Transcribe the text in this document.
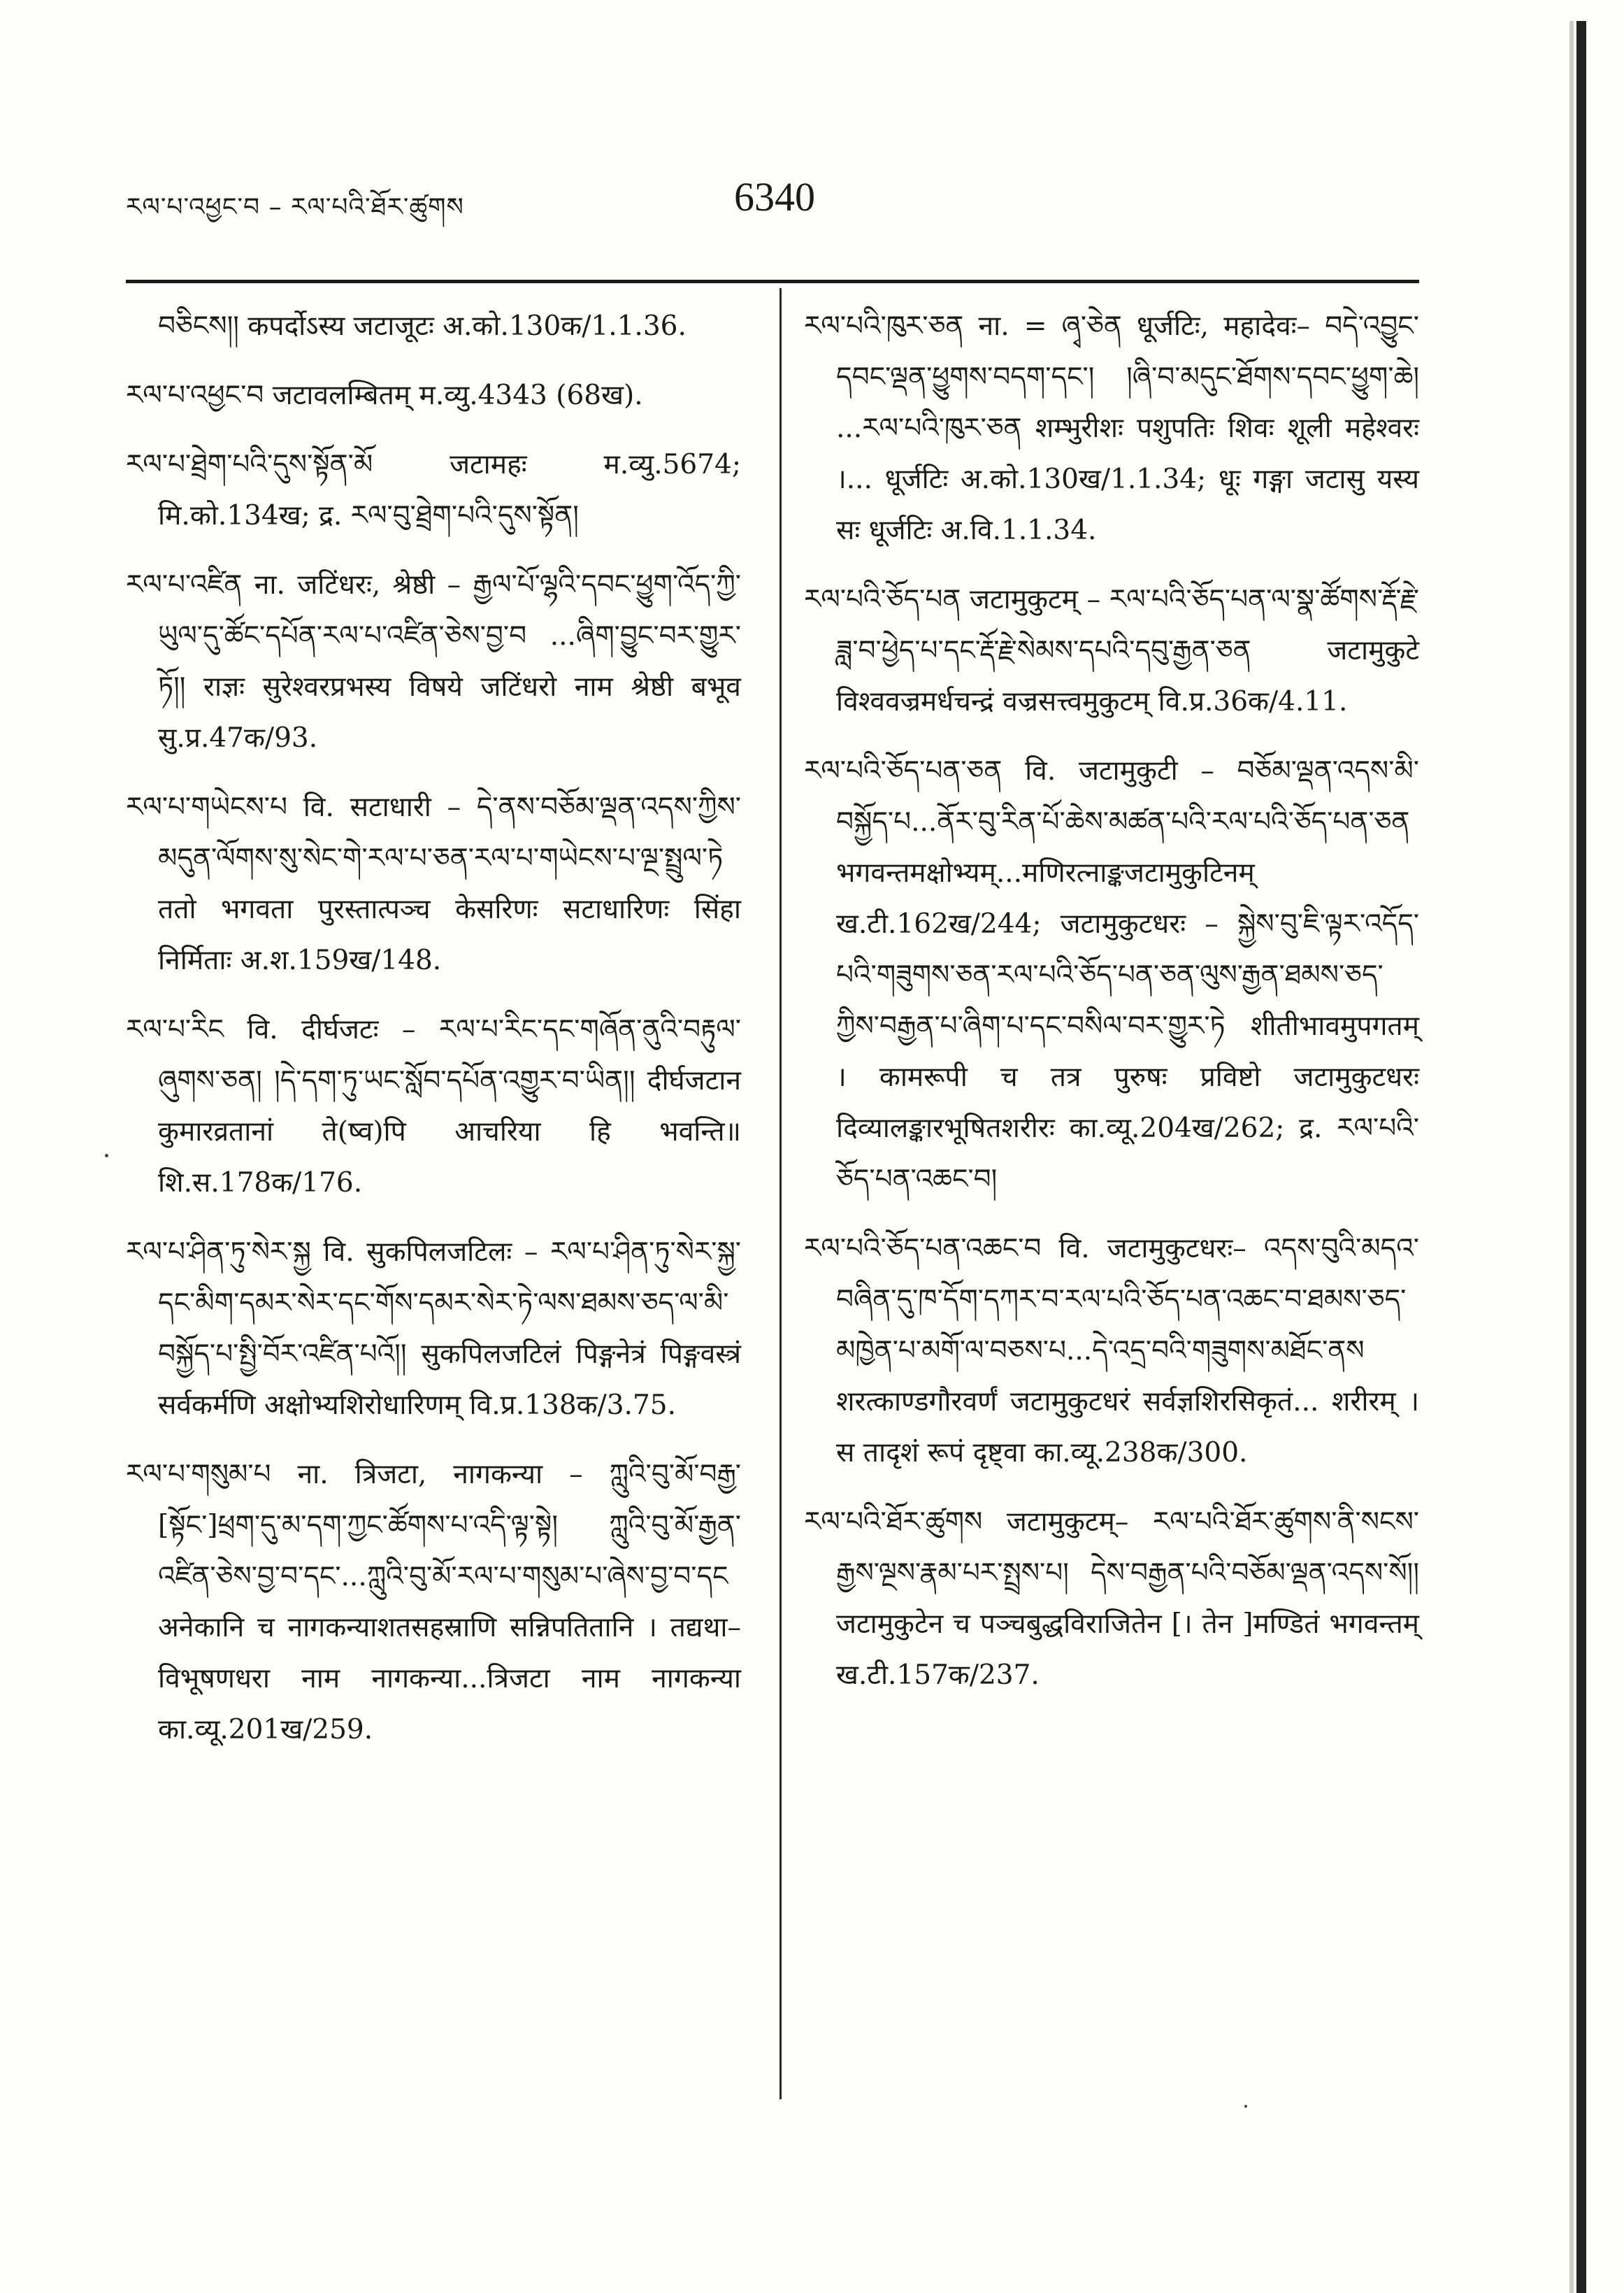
རལ་པ་འཕྱང་བ – རལ་པའི་ཐོར་ཚུགས	6340

བཅིངས།། कपर्दोऽस्य जटाजूटः अ.को.130क/1.1.36.

རལ་པ་འཕྱང་བ जटावलम्बितम् म.व्यु.4343 (68ख).

རལ་པ་ཐྲེག་པའི་དུས་སྟོན་མོ जटामहः म.व्यु.5674; मि.को.134ख; द्र. རལ་བུ་ཐྲེག་པའི་དུས་སྟོན།

རལ་པ་འཛིན ना. जटिंधरः, श्रेष्ठी – རྒྱལ་པོ་ལྷའི་དབང་ཕྱུག་འོད་ཀྱི་ཡུལ་དུ་ཚོང་དཔོན་རལ་པ་འཛིན་ཅེས་བྱ་བ ...ཞིག་བྱུང་བར་གྱུར་ཏོ།། राज्ञः सुरेश्वरप्रभस्य विषये जटिंधरो नाम श्रेष्ठी बभूव सु.प्र.47क/93.

རལ་པ་གཡེངས་པ वि. सटाधारी – དེ་ནས་བཅོམ་ལྡན་འདས་ཀྱིས་མདུན་ལོགས་སུ་སེང་གེ་རལ་པ་ཅན་རལ་པ་གཡེངས་པ་ལྔ་སྤྲུལ་ཏེ ततो भगवता पुरस्तात्पञ्च केसरिणः सटाधारिणः सिंहा निर्मिताः अ.श.159ख/148.

རལ་པ་རིང वि. दीर्घजटः – རལ་པ་རིང་དང་གཞོན་ནུའི་བརྟུལ་ཞུགས་ཅན། །དེ་དག་ཏུ་ཡང་སློབ་དཔོན་འགྱུར་བ་ཡིན།། दीर्घजटान कुमारव्रतानां ते(ष्व)पि आचरिया हि भवन्ति॥ शि.स.178क/176.

རལ་པ་ཤིན་ཏུ་སེར་སྐྱ वि. सुकपिलजटिलः – རལ་པ་ཤིན་ཏུ་སེར་སྐྱ་དང་མིག་དམར་སེར་དང་གོས་དམར་སེར་ཏེ་ལས་ཐམས་ཅད་ལ་མི་བསྐྱོད་པ་སྤྱི་བོར་འཛིན་པའོ།། सुकपिलजटिलं पिङ्गनेत्रं पिङ्गवस्त्रं सर्वकर्मणि अक्षोभ्यशिरोधारिणम् वि.प्र.138क/3.75.

རལ་པ་གསུམ་པ ना. त्रिजटा, नागकन्या – ཀླུའི་བུ་མོ་བརྒྱ་[སྟོང་]ཕྲག་དུ་མ་དག་ཀྱང་ཚོགས་པ་འདི་ལྟ་སྟེ། ཀླུའི་བུ་མོ་རྒྱན་འཛིན་ཅེས་བྱ་བ་དང་...ཀླུའི་བུ་མོ་རལ་པ་གསུམ་པ་ཞེས་བྱ་བ་དང अनेकानि च नागकन्याशतसहस्राणि सन्निपतितानि । तद्यथा–विभूषणधरा नाम नागकन्या...त्रिजटा नाम नागकन्या का.व्यू.201ख/259.

རལ་པའི་ཁུར་ཅན ना. = ཞྭ་ཅེན धूर्जटिः, महादेवः– བདེ་འབྱུང་དབང་ལྡན་ཕྱུགས་བདག་དང་། །ཞི་བ་མདུང་ཐོགས་དབང་ཕྱུག་ཆེ། ...རལ་པའི་ཁུར་ཅན शम्भुरीशः पशुपतिः शिवः शूली महेश्वरः ।... धूर्जटिः अ.को.130ख/1.1.34; धूः गङ्गा जटासु यस्य सः धूर्जटिः अ.वि.1.1.34.

རལ་པའི་ཅོད་པན जटामुकुटम् – རལ་པའི་ཅོད་པན་ལ་སྣ་ཚོགས་རྡོ་རྗེ་ཟླ་བ་ཕྱེད་པ་དང་རྡོ་རྗེ་སེམས་དཔའི་དབུ་རྒྱན་ཅན जटामुकुटे विश्ववज्रमर्धचन्द्रं वज्रसत्त्वमुकुटम् वि.प्र.36क/4.11.

རལ་པའི་ཅོད་པན་ཅན वि. जटामुकुटी – བཅོམ་ལྡན་འདས་མི་བསྐྱོད་པ...ནོར་བུ་རིན་པོ་ཆེས་མཚན་པའི་རལ་པའི་ཅོད་པན་ཅན भगवन्तमक्षोभ्यम्...मणिरत्नाङ्कजटामुकुटिनम् ख.टी.162ख/244; जटामुकुटधरः – སྐྱེས་བུ་ཇི་ལྟར་འདོད་པའི་གཟུགས་ཅན་རལ་པའི་ཅོད་པན་ཅན་ལུས་རྒྱན་ཐམས་ཅད་ཀྱིས་བརྒྱན་པ་ཞིག་པ་དང་བསིལ་བར་གྱུར་ཏེ शीतीभावमुपगतम् । कामरूपी च तत्र पुरुषः प्रविष्टो जटामुकुटधरः दिव्यालङ्कारभूषितशरीरः का.व्यू.204ख/262; द्र. རལ་པའི་ཅོད་པན་འཆང་བ།

རལ་པའི་ཅོད་པན་འཆང་བ वि. जटामुकुटधरः– འདས་བུའི་མདའ་བཞིན་དུ་ཁ་དོག་དཀར་བ་རལ་པའི་ཅོད་པན་འཆང་བ་ཐམས་ཅད་མཁྱེན་པ་མགོ་ལ་བཅས་པ...དེ་འདྲ་བའི་གཟུགས་མཐོང་ནས शरत्काण्डगौरवर्णं जटामुकुटधरं सर्वज्ञशिरसिकृतं... शरीरम् । स तादृशं रूपं दृष्ट्वा का.व्यू.238क/300.

རལ་པའི་ཐོར་ཚུགས जटामुकुटम्– རལ་པའི་ཐོར་ཚུགས་ནི་སངས་རྒྱས་ལྔས་རྣམ་པར་སྤྲས་པ། དེས་བརྒྱན་པའི་བཅོམ་ལྡན་འདས་སོ།། जटामुकुटेन च पञ्चबुद्धविराजितेन [। तेन ]मण्डितं भगवन्तम् ख.टी.157क/237.
